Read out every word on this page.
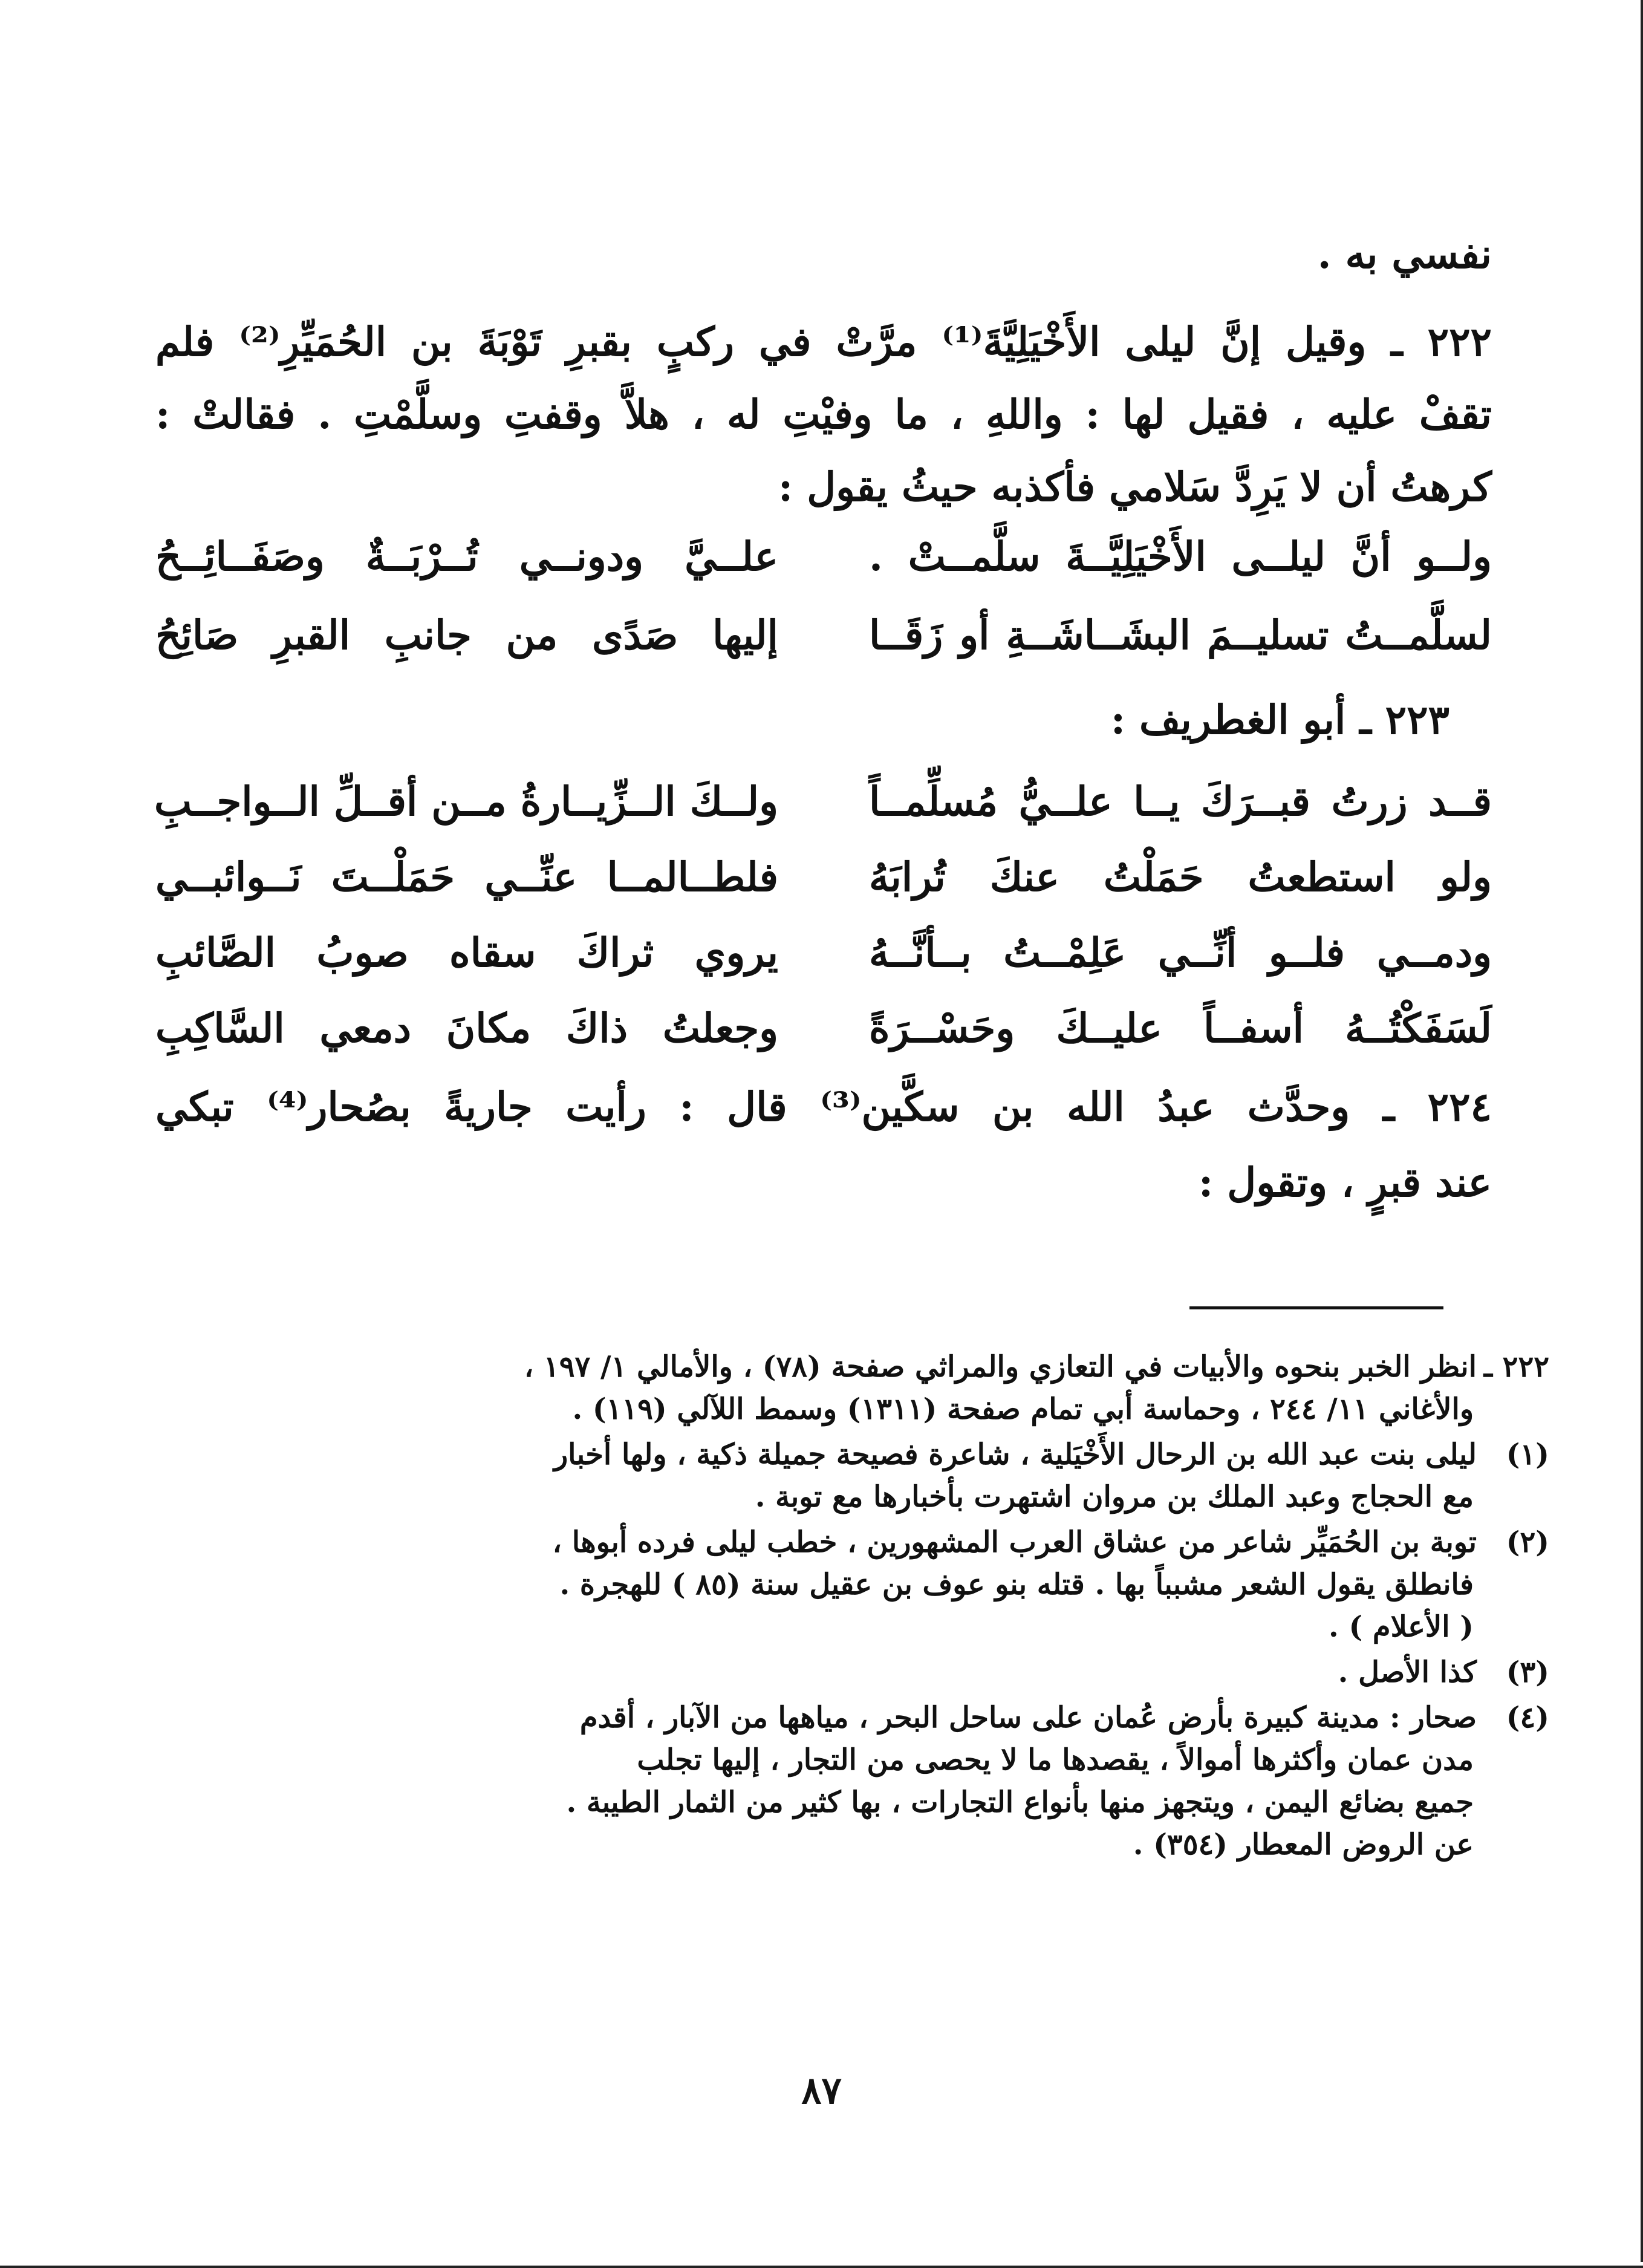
نفسي به .
٢٢٢ ـ وقيل إنَّ ليلى الأَخْيَلِيَّةَ⁽¹⁾ مرَّتْ في ركبٍ بقبرِ تَوْبَةَ بن الحُمَيِّرِ⁽²⁾ فلم
تقفْ عليه ، فقيل لها : واللهِ ، ما وفيْتِ له ، هلاَّ وقفتِ وسلَّمْتِ . فقالتْ :
كرهتُ أن لا يَرِدَّ سَلامي فأكذبه حيثُ يقول :
ولــو أنَّ ليلــى الأَخْيَلِيَّــةَ سلَّمــتْ .
علــيَّ ودونــي تُــرْبَــةٌ وصَفَــائِــحُ
لسلَّمــتُ تسليــمَ البشَــاشَــةِ أو زَقَــا
إليها صَدًى من جانبِ القبرِ صَائِحُ
٢٢٣ ـ أبو الغطريف :
قــد زرتُ قبــرَكَ يــا علــيُّ مُسلِّمــاً
ولــكَ الــزِّيــارةُ مــن أقــلِّ الــواجــبِ
ولو استطعتُ حَمَلْتُ عنكَ تُرابَهُ
فلطــالمــا عنِّــي حَمَلْــتَ نَــوائبــي
ودمــي فلــو أنِّــي عَلِمْــتُ بــأنَّــهُ
يروي ثراكَ سقاه صوبُ الصَّائبِ
لَسَفَكْتُــهُ أسفــاً عليــكَ وحَسْــرَةً
وجعلتُ ذاكَ مكانَ دمعي السَّاكِبِ
٢٢٤ ـ وحدَّث عبدُ الله بن سكَّين⁽³⁾ قال : رأيت جاريةً بصُحار⁽⁴⁾ تبكي
عند قبرٍ ، وتقول :
٢٢٢ ـانظر الخبر بنحوه والأبيات في التعازي والمراثي صفحة (٧٨) ، والأمالي ١/ ١٩٧ ،
والأغاني ١١/ ٢٤٤ ، وحماسة أبي تمام صفحة (١٣١١) وسمط اللآلي (١١٩) .
(١)ليلى بنت عبد الله بن الرحال الأَخْيَلية ، شاعرة فصيحة جميلة ذكية ، ولها أخبار
مع الحجاج وعبد الملك بن مروان اشتهرت بأخبارها مع توبة .
(٢)توبة بن الحُمَيِّر شاعر من عشاق العرب المشهورين ، خطب ليلى فرده أبوها ،
فانطلق يقول الشعر مشبباً بها . قتله بنو عوف بن عقيل سنة (٨٥ ) للهجرة .
( الأعلام ) .
(٣)كذا الأصل .
(٤)صحار : مدينة كبيرة بأرض عُمان على ساحل البحر ، مياهها من الآبار ، أقدم
مدن عمان وأكثرها أموالاً ، يقصدها ما لا يحصى من التجار ، إليها تجلب
جميع بضائع اليمن ، ويتجهز منها بأنواع التجارات ، بها كثير من الثمار الطيبة .
عن الروض المعطار (٣٥٤) .
٨٧
